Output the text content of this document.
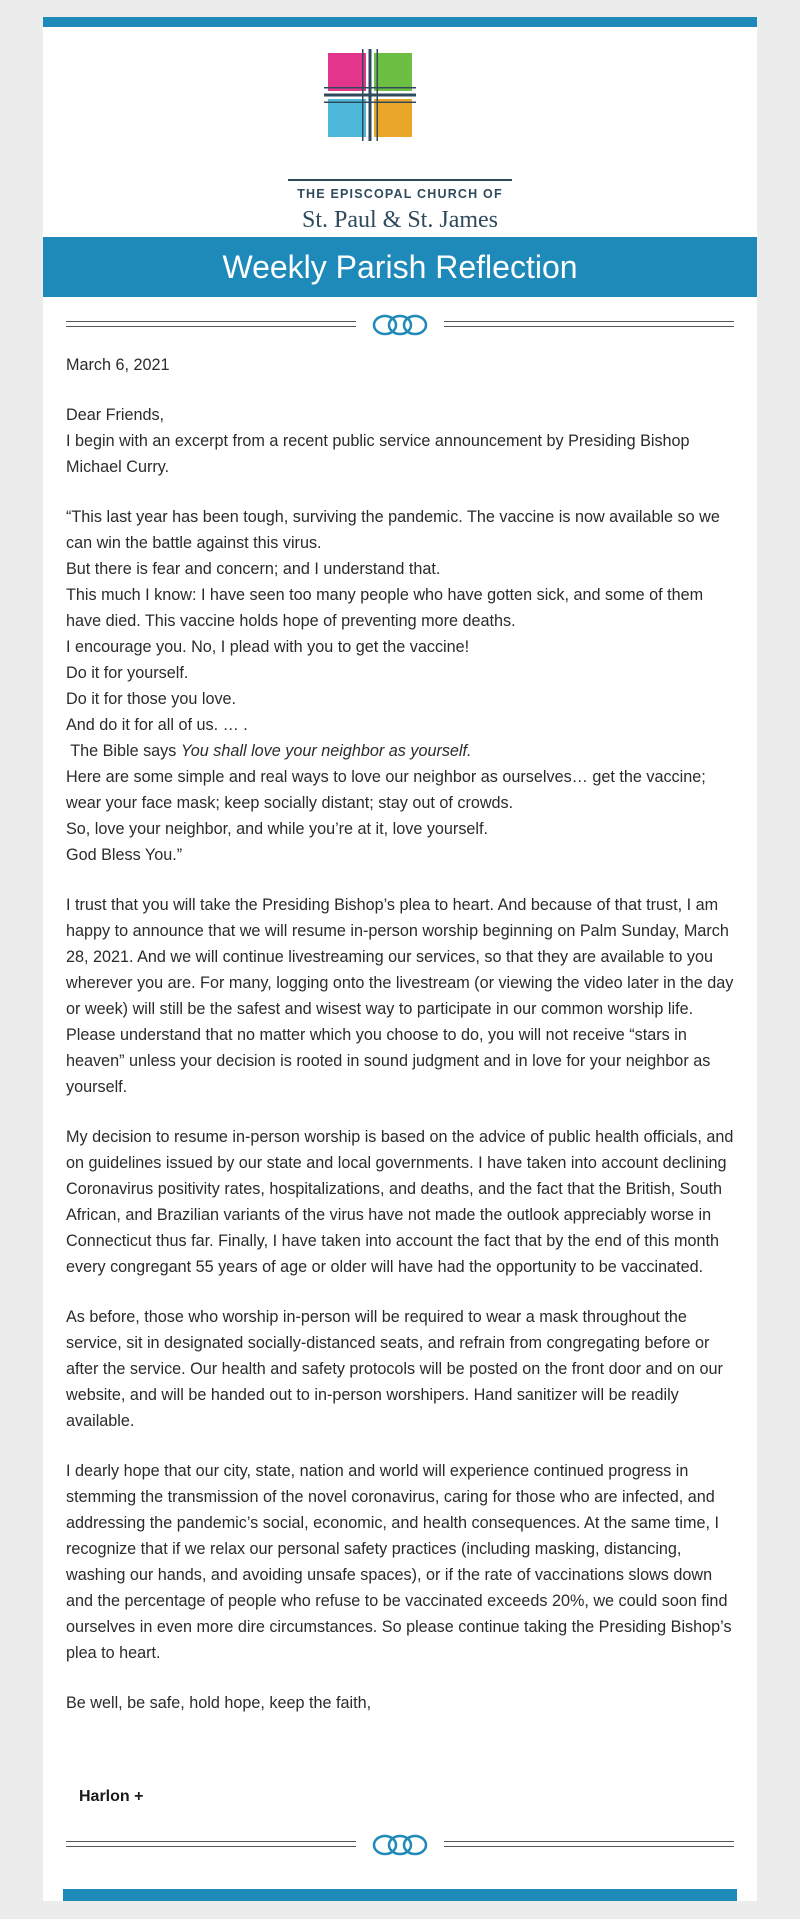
THE EPISCOPAL CHURCH OF
St. Paul & St. James
Weekly Parish Reflection

March 6, 2021

Dear Friends,

I begin with an excerpt from a recent public service announcement by Presiding Bishop Michael Curry.

“This last year has been tough, surviving the pandemic. The vaccine is now available so we can win the battle against this virus.

But there is fear and concern; and I understand that.

This much I know: I have seen too many people who have gotten sick, and some of them have died. This vaccine holds hope of preventing more deaths.

I encourage you. No, I plead with you to get the vaccine!

Do it for yourself.

Do it for those you love.

And do it for all of us. … .

The Bible says You shall love your neighbor as yourself.

Here are some simple and real ways to love our neighbor as ourselves… get the vaccine; wear your face mask; keep socially distant; stay out of crowds.

So, love your neighbor, and while you’re at it, love yourself.

God Bless You.”

I trust that you will take the Presiding Bishop’s plea to heart. And because of that trust, I am happy to announce that we will resume in-person worship beginning on Palm Sunday, March 28, 2021. And we will continue livestreaming our services, so that they are available to you wherever you are. For many, logging onto the livestream (or viewing the video later in the day or week) will still be the safest and wisest way to participate in our common worship life. Please understand that no matter which you choose to do, you will not receive “stars in heaven” unless your decision is rooted in sound judgment and in love for your neighbor as yourself.

My decision to resume in-person worship is based on the advice of public health officials, and on guidelines issued by our state and local governments. I have taken into account declining Coronavirus positivity rates, hospitalizations, and deaths, and the fact that the British, South African, and Brazilian variants of the virus have not made the outlook appreciably worse in Connecticut thus far. Finally, I have taken into account the fact that by the end of this month every congregant 55 years of age or older will have had the opportunity to be vaccinated.

As before, those who worship in-person will be required to wear a mask throughout the service, sit in designated socially-distanced seats, and refrain from congregating before or after the service. Our health and safety protocols will be posted on the front door and on our website, and will be handed out to in-person worshipers. Hand sanitizer will be readily available.

I dearly hope that our city, state, nation and world will experience continued progress in stemming the transmission of the novel coronavirus, caring for those who are infected, and addressing the pandemic’s social, economic, and health consequences. At the same time, I recognize that if we relax our personal safety practices (including masking, distancing, washing our hands, and avoiding unsafe spaces), or if the rate of vaccinations slows down and the percentage of people who refuse to be vaccinated exceeds 20%, we could soon find ourselves in even more dire circumstances. So please continue taking the Presiding Bishop’s plea to heart.

Be well, be safe, hold hope, keep the faith,

Harlon +
